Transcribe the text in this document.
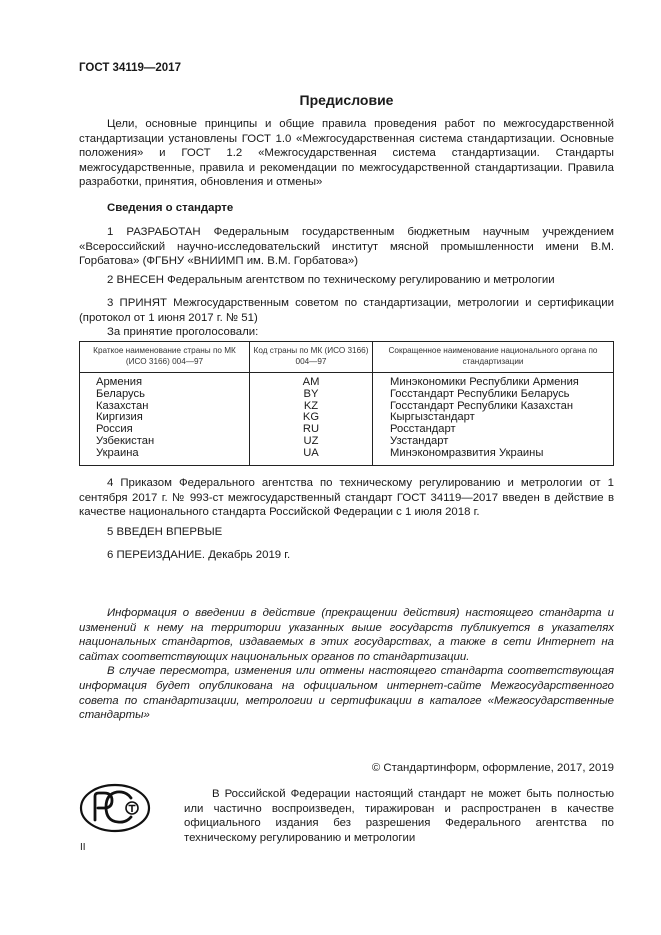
ГОСТ 34119—2017
Предисловие

Цели, основные принципы и общие правила проведения работ по межгосударственной стандартизации установлены ГОСТ 1.0 «Межгосударственная система стандартизации. Основные положения» и ГОСТ 1.2 «Межгосударственная система стандартизации. Стандарты межгосударственные, правила и рекомендации по межгосударственной стандартизации. Правила разработки, принятия, обновления и отмены»

Сведения о стандарте

1 РАЗРАБОТАН Федеральным государственным бюджетным научным учреждением «Всероссийский научно-исследовательский институт мясной промышленности имени В.М. Горбатова» (ФГБНУ «ВНИИМП им. В.М. Горбатова»)

2 ВНЕСЕН Федеральным агентством по техническому регулированию и метрологии

3 ПРИНЯТ Межгосударственным советом по стандартизации, метрологии и сертификации (протокол от 1 июня 2017 г. № 51)

За принятие проголосовали:

Краткое наименование страны по МК (ИСО 3166) 004—97	Код страны по МК (ИСО 3166) 004—97	Сокращенное наименование национального органа по стандартизации
Армения	AM	Минэкономики Республики Армения
Беларусь	BY	Госстандарт Республики Беларусь
Казахстан	KZ	Госстандарт Республики Казахстан
Киргизия	KG	Кыргызстандарт
Россия	RU	Росстандарт
Узбекистан	UZ	Узстандарт
Украина	UA	Минэкономразвития Украины

4 Приказом Федерального агентства по техническому регулированию и метрологии от 1 сентября 2017 г. № 993-ст межгосударственный стандарт ГОСТ 34119—2017 введен в действие в качестве национального стандарта Российской Федерации с 1 июля 2018 г.

5 ВВЕДЕН ВПЕРВЫЕ

6 ПЕРЕИЗДАНИЕ. Декабрь 2019 г.

Информация о введении в действие (прекращении действия) настоящего стандарта и изменений к нему на территории указанных выше государств публикуется в указателях национальных стандартов, издаваемых в этих государствах, а также в сети Интернет на сайтах соответствующих национальных органов по стандартизации.

В случае пересмотра, изменения или отмены настоящего стандарта соответствующая информация будет опубликована на официальном интернет-сайте Межгосударственного совета по стандартизации, метрологии и сертификации в каталоге «Межгосударственные стандарты»

© Стандартинформ, оформление, 2017, 2019

В Российской Федерации настоящий стандарт не может быть полностью или частично воспроизведен, тиражирован и распространен в качестве официального издания без разрешения Федерального агентства по техническому регулированию и метрологии

II
